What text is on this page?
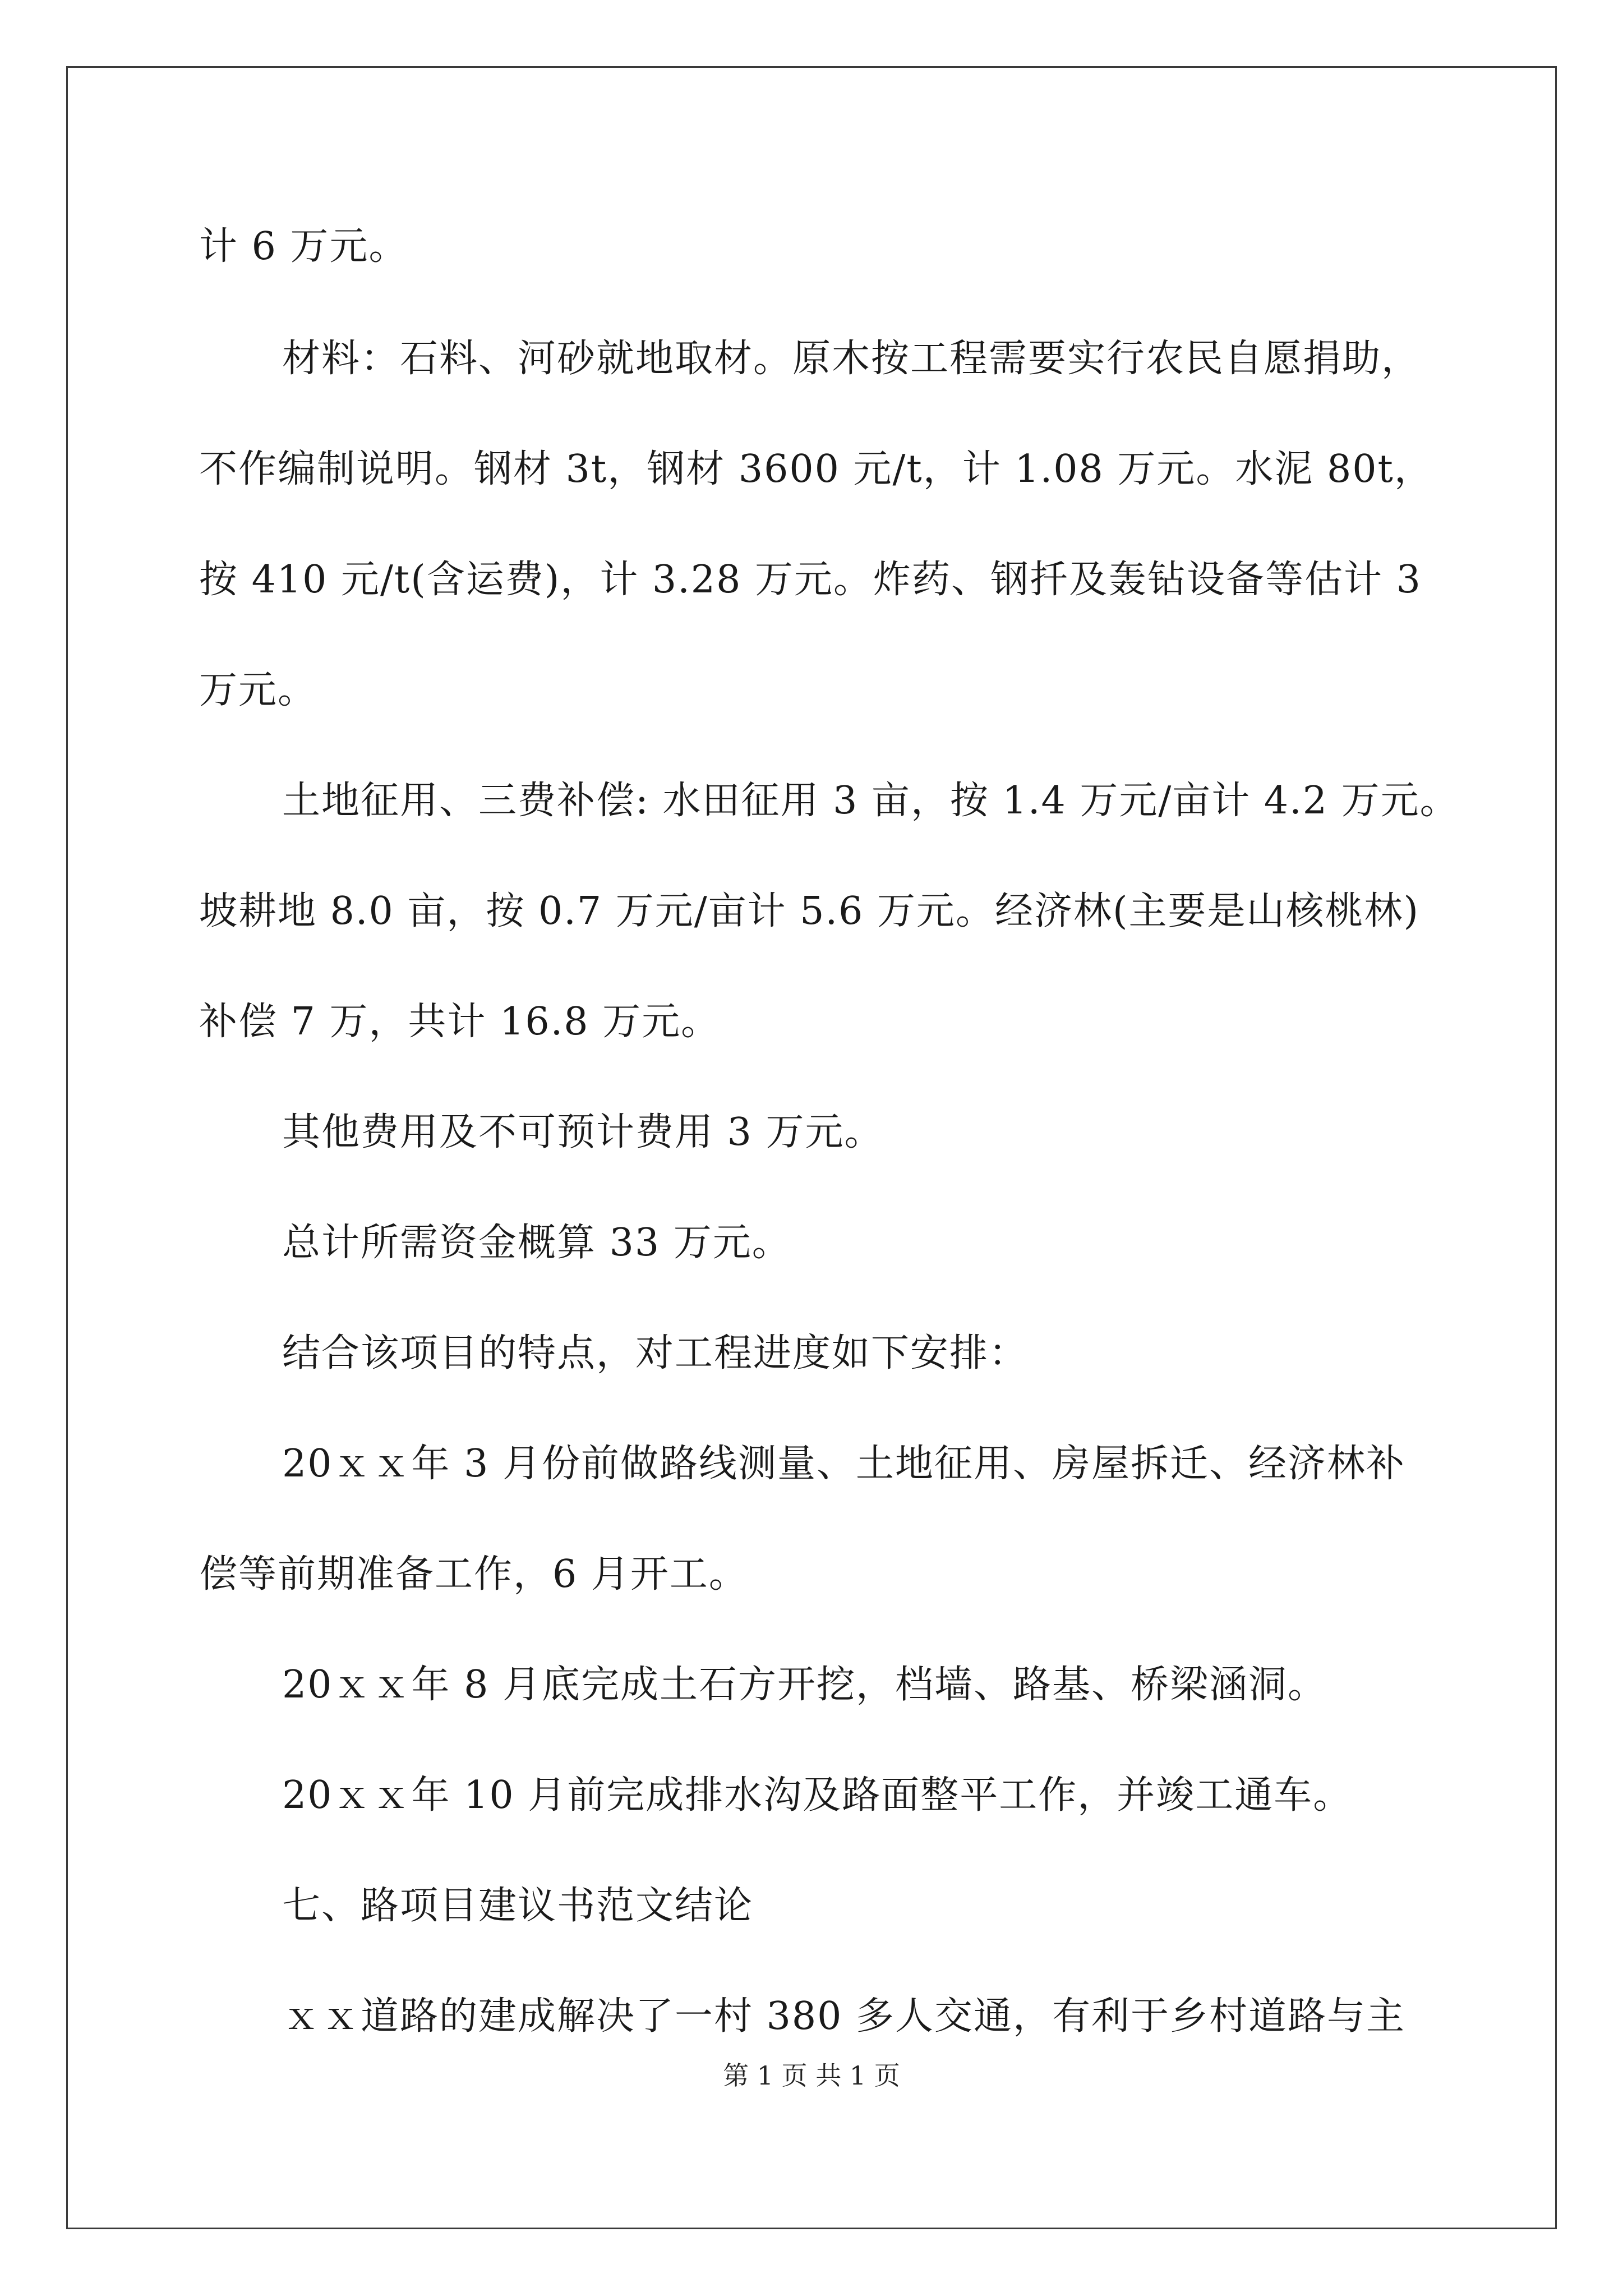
计 6 万元。
材料：石料、河砂就地取材。原木按工程需要实行农民自愿捐助，
不作编制说明。钢材 3t，钢材 3600 元/t，计 1.08 万元。水泥 80t，
按 410 元/t(含运费)，计 3.28 万元。炸药、钢扦及轰钻设备等估计 3
万元。
土地征用、三费补偿: 水田征用 3 亩，按 1.4 万元/亩计 4.2 万元。
坡耕地 8.0 亩，按 0.7 万元/亩计 5.6 万元。经济林(主要是山核桃林)
补偿 7 万，共计 16.8 万元。
其他费用及不可预计费用 3 万元。
总计所需资金概算 33 万元。
结合该项目的特点，对工程进度如下安排：
20ｘｘ年 3 月份前做路线测量、土地征用、房屋拆迁、经济林补
偿等前期准备工作，6 月开工。
20ｘｘ年 8 月底完成土石方开挖，档墙、路基、桥梁涵洞。
20ｘｘ年 10 月前完成排水沟及路面整平工作，并竣工通车。
七、路项目建议书范文结论
ｘｘ道路的建成解决了一村 380 多人交通，有利于乡村道路与主
第 1 页 共 1 页
